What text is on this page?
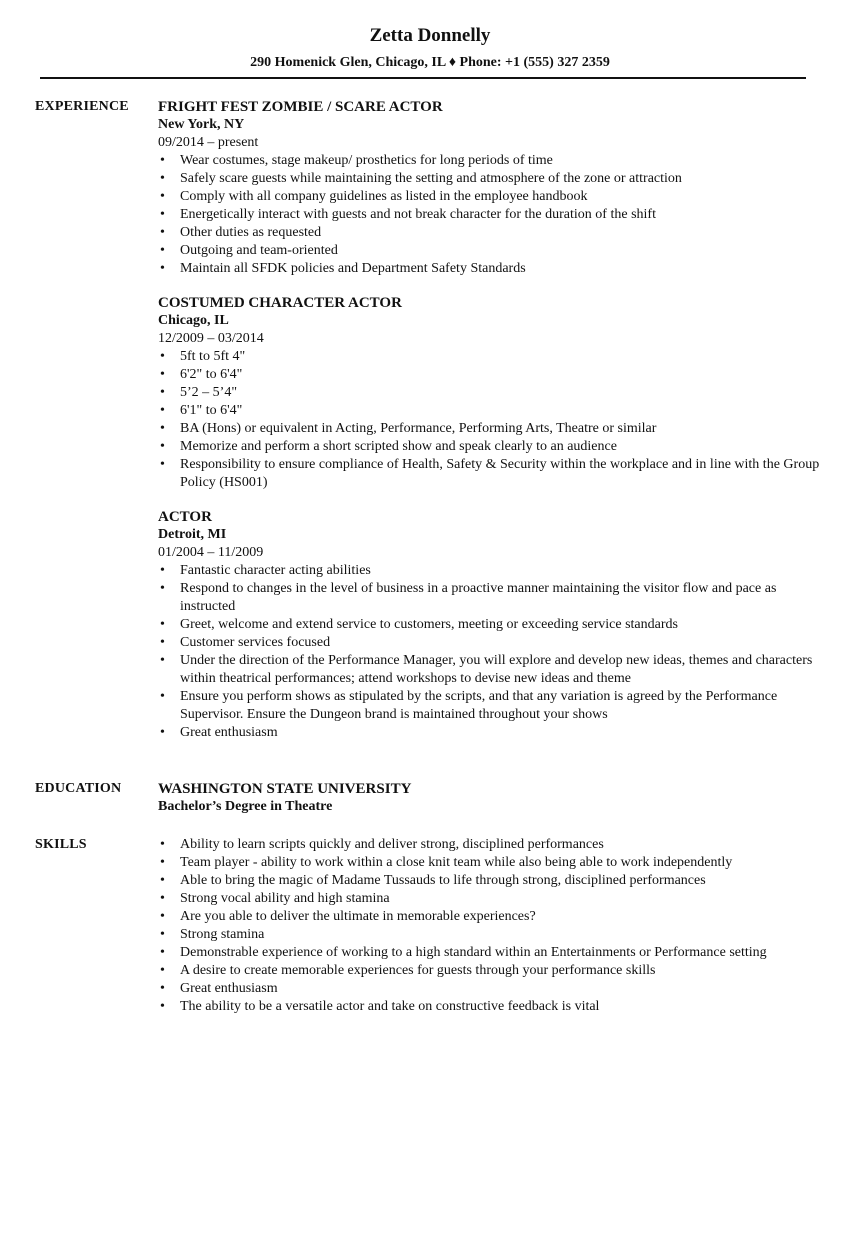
Zetta Donnelly
290 Homenick Glen, Chicago, IL ♦ Phone: +1 (555) 327 2359
EXPERIENCE FRIGHT FEST ZOMBIE / SCARE ACTOR
New York, NY
09/2014 – present
• Wear costumes, stage makeup/ prosthetics for long periods of time
• Safely scare guests while maintaining the setting and atmosphere of the zone or attraction
• Comply with all company guidelines as listed in the employee handbook
• Energetically interact with guests and not break character for the duration of the shift
• Other duties as requested
• Outgoing and team-oriented
• Maintain all SFDK policies and Department Safety Standards
COSTUMED CHARACTER ACTOR
Chicago, IL
12/2009 – 03/2014
• 5ft to 5ft 4"
• 6'2" to 6'4"
• 5’2 – 5’4"
• 6'1" to 6'4"
• BA (Hons) or equivalent in Acting, Performance, Performing Arts, Theatre or similar
• Memorize and perform a short scripted show and speak clearly to an audience
• Responsibility to ensure compliance of Health, Safety & Security within the workplace and in line with the Group Policy (HS001)
ACTOR
Detroit, MI
01/2004 – 11/2009
• Fantastic character acting abilities
• Respond to changes in the level of business in a proactive manner maintaining the visitor flow and pace as instructed
• Greet, welcome and extend service to customers, meeting or exceeding service standards
• Customer services focused
• Under the direction of the Performance Manager, you will explore and develop new ideas, themes and characters within theatrical performances; attend workshops to devise new ideas and theme
• Ensure you perform shows as stipulated by the scripts, and that any variation is agreed by the Performance Supervisor. Ensure the Dungeon brand is maintained throughout your shows
• Great enthusiasm
EDUCATION WASHINGTON STATE UNIVERSITY
Bachelor’s Degree in Theatre
SKILLS
•	Ability to learn scripts quickly and deliver strong, disciplined performances
• Team player - ability to work within a close knit team while also being able to work independently
• Able to bring the magic of Madame Tussauds to life through strong, disciplined performances
• Strong vocal ability and high stamina
• Are you able to deliver the ultimate in memorable experiences?
• Strong stamina
• Demonstrable experience of working to a high standard within an Entertainments or Performance setting
• A desire to create memorable experiences for guests through your performance skills
• Great enthusiasm
• The ability to be a versatile actor and take on constructive feedback is vital
